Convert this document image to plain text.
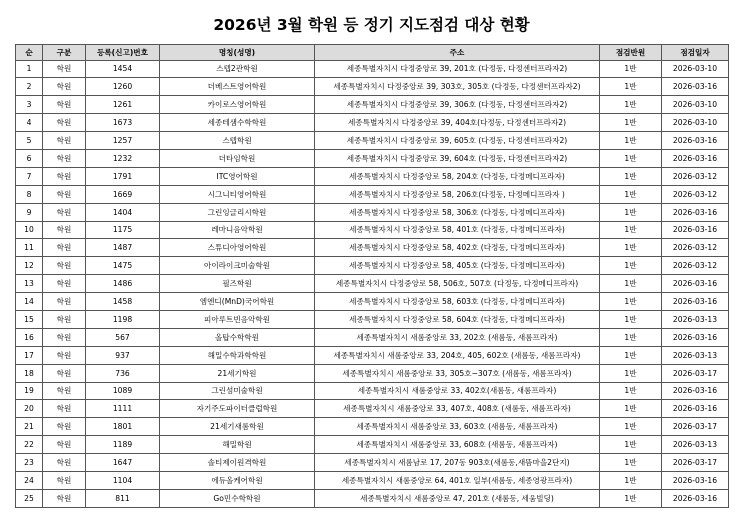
2026년 3월 학원 등 정기 지도점검 대상 현황
순	구분	등록(신고)번호	명칭(성명)	주소	점검반원	점검일자
1	학원	1454	스텝2관학원	세종특별자치시 다정중앙로 39, 201호 (다정동, 다정센터프라자2)	1반	2026-03-10
2	학원	1260	더베스트영어학원	세종특별자치시 다정중앙로 39, 303호, 305호 (다정동, 다정센터프라자2)	1반	2026-03-16
3	학원	1261	카이로스영어학원	세종특별자치시 다정중앙로 39, 306호 (다정동, 다정센터프라자2)	1반	2026-03-10
4	학원	1673	세종테샘수학학원	세종특별자치시 다정중앙로 39, 404호(다정동, 다정센터프라자2)	1반	2026-03-10
5	학원	1257	스텝학원	세종특별자치시 다정중앙로 39, 605호 (다정동, 다정센터프라자2)	1반	2026-03-16
6	학원	1232	더타임학원	세종특별자치시 다정중앙로 39, 604호 (다정동, 다정센터프라자2)	1반	2026-03-16
7	학원	1791	ITC영어학원	세종특별자치시 다정중앙로 58, 204호 (다정동, 다정메디프라자)	1반	2026-03-12
8	학원	1669	시그니티영어학원	세종특별자치시 다정중앙로 58, 206호(다정동, 다정메디프라자 )	1반	2026-03-12
9	학원	1404	그린잉글리시학원	세종특별자치시 다정중앙로 58, 306호 (다정동, 다정메디프라자)	1반	2026-03-16
10	학원	1175	레마니음악학원	세종특별자치시 다정중앙로 58, 401호 (다정동, 다정메디프라자)	1반	2026-03-16
11	학원	1487	스튜디아영어학원	세종특별자치시 다정중앙로 58, 402호 (다정동, 다정메디프라자)	1반	2026-03-12
12	학원	1475	아이라이크미술학원	세종특별자치시 다정중앙로 58, 405호 (다정동, 다정메디프라자)	1반	2026-03-12
13	학원	1486	필즈학원	세종특별자치시 다정중앙로 58, 506호, 507호 (다정동, 다정메디프라자)	1반	2026-03-16
14	학원	1458	엠엔디(MnD)국어학원	세종특별자치시 다정중앙로 58, 603호 (다정동, 다정메디프라자)	1반	2026-03-16
15	학원	1198	피아루트빈음악학원	세종특별자치시 다정중앙로 58, 604호 (다정동, 다정메디프라자)	1반	2026-03-13
16	학원	567	올탑수학학원	세종특별자치시 새롬중앙로 33, 202호 (새롬동, 새롬프라자)	1반	2026-03-16
17	학원	937	해밀수학과학학원	세종특별자치시 새롬중앙로 33, 204호, 405, 602호 (새롬동, 새롬프라자)	1반	2026-03-13
18	학원	736	21세기학원	세종특별자치시 새롬중앙로 33, 305호~307호 (새롬동, 새롬프라자)	1반	2026-03-17
19	학원	1089	그린섬미술학원	세종특별자치시 새롬중앙로 33, 402호(새롬동, 새롬프라자)	1반	2026-03-16
20	학원	1111	자기주도파이터클럽학원	세종특별자치시 새롬중앙로 33, 407호, 408호 (새롬동, 새롬프라자)	1반	2026-03-16
21	학원	1801	21세기새롬학원	세종특별자치시 새롬중앙로 33, 603호 (새롬동, 새롬프라자)	1반	2026-03-17
22	학원	1189	해밀학원	세종특별자치시 새롬중앙로 33, 608호 (새롬동, 새롬프라자)	1반	2026-03-13
23	학원	1647	솔티제이원격학원	세종특별자치시 새롬남로 17, 207동 903호(새롬동,새뜸마을2단지)	1반	2026-03-17
24	학원	1104	에듀올케어학원	세종특별자치시 새롬중앙로 64, 401호 일부(새롬동, 세종영광프라자)	1반	2026-03-16
25	학원	811	Go민수학학원	세종특별자치시 새롬중앙로 47, 201호 (새롬동, 세움빌딩)	1반	2026-03-16
